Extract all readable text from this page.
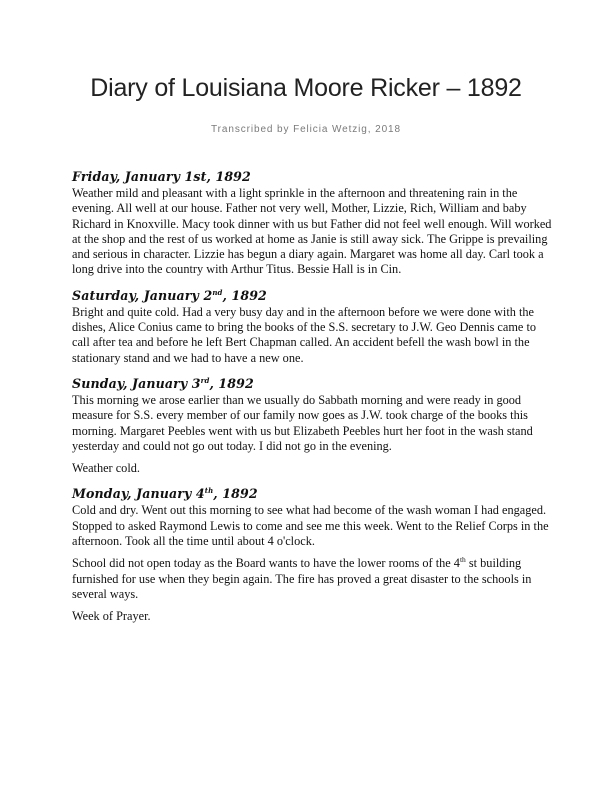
Diary of Louisiana Moore Ricker – 1892
Transcribed by Felicia Wetzig, 2018

Friday, January 1st, 1892

Weather mild and pleasant with a light sprinkle in the afternoon and threatening rain in the evening. All well at our house. Father not very well, Mother, Lizzie, Rich, William and baby Richard in Knoxville. Macy took dinner with us but Father did not feel well enough. Will worked at the shop and the rest of us worked at home as Janie is still away sick. The Grippe is prevailing and serious in character. Lizzie has begun a diary again. Margaret was home all day. Carl took a long drive into the country with Arthur Titus. Bessie Hall is in Cin.

Saturday, January 2nd, 1892

Bright and quite cold. Had a very busy day and in the afternoon before we were done with the dishes, Alice Conius came to bring the books of the S.S. secretary to J.W. Geo Dennis came to call after tea and before he left Bert Chapman called. An accident befell the wash bowl in the stationary stand and we had to have a new one.

Sunday, January 3rd, 1892

This morning we arose earlier than we usually do Sabbath morning and were ready in good measure for S.S. every member of our family now goes as J.W. took charge of the books this morning. Margaret Peebles went with us but Elizabeth Peebles hurt her foot in the wash stand yesterday and could not go out today. I did not go in the evening.

Weather cold.

Monday, January 4th, 1892

Cold and dry. Went out this morning to see what had become of the wash woman I had engaged. Stopped to asked Raymond Lewis to come and see me this week. Went to the Relief Corps in the afternoon. Took all the time until about 4 o'clock.

School did not open today as the Board wants to have the lower rooms of the 4th st building furnished for use when they begin again. The fire has proved a great disaster to the schools in several ways.

Week of Prayer.
